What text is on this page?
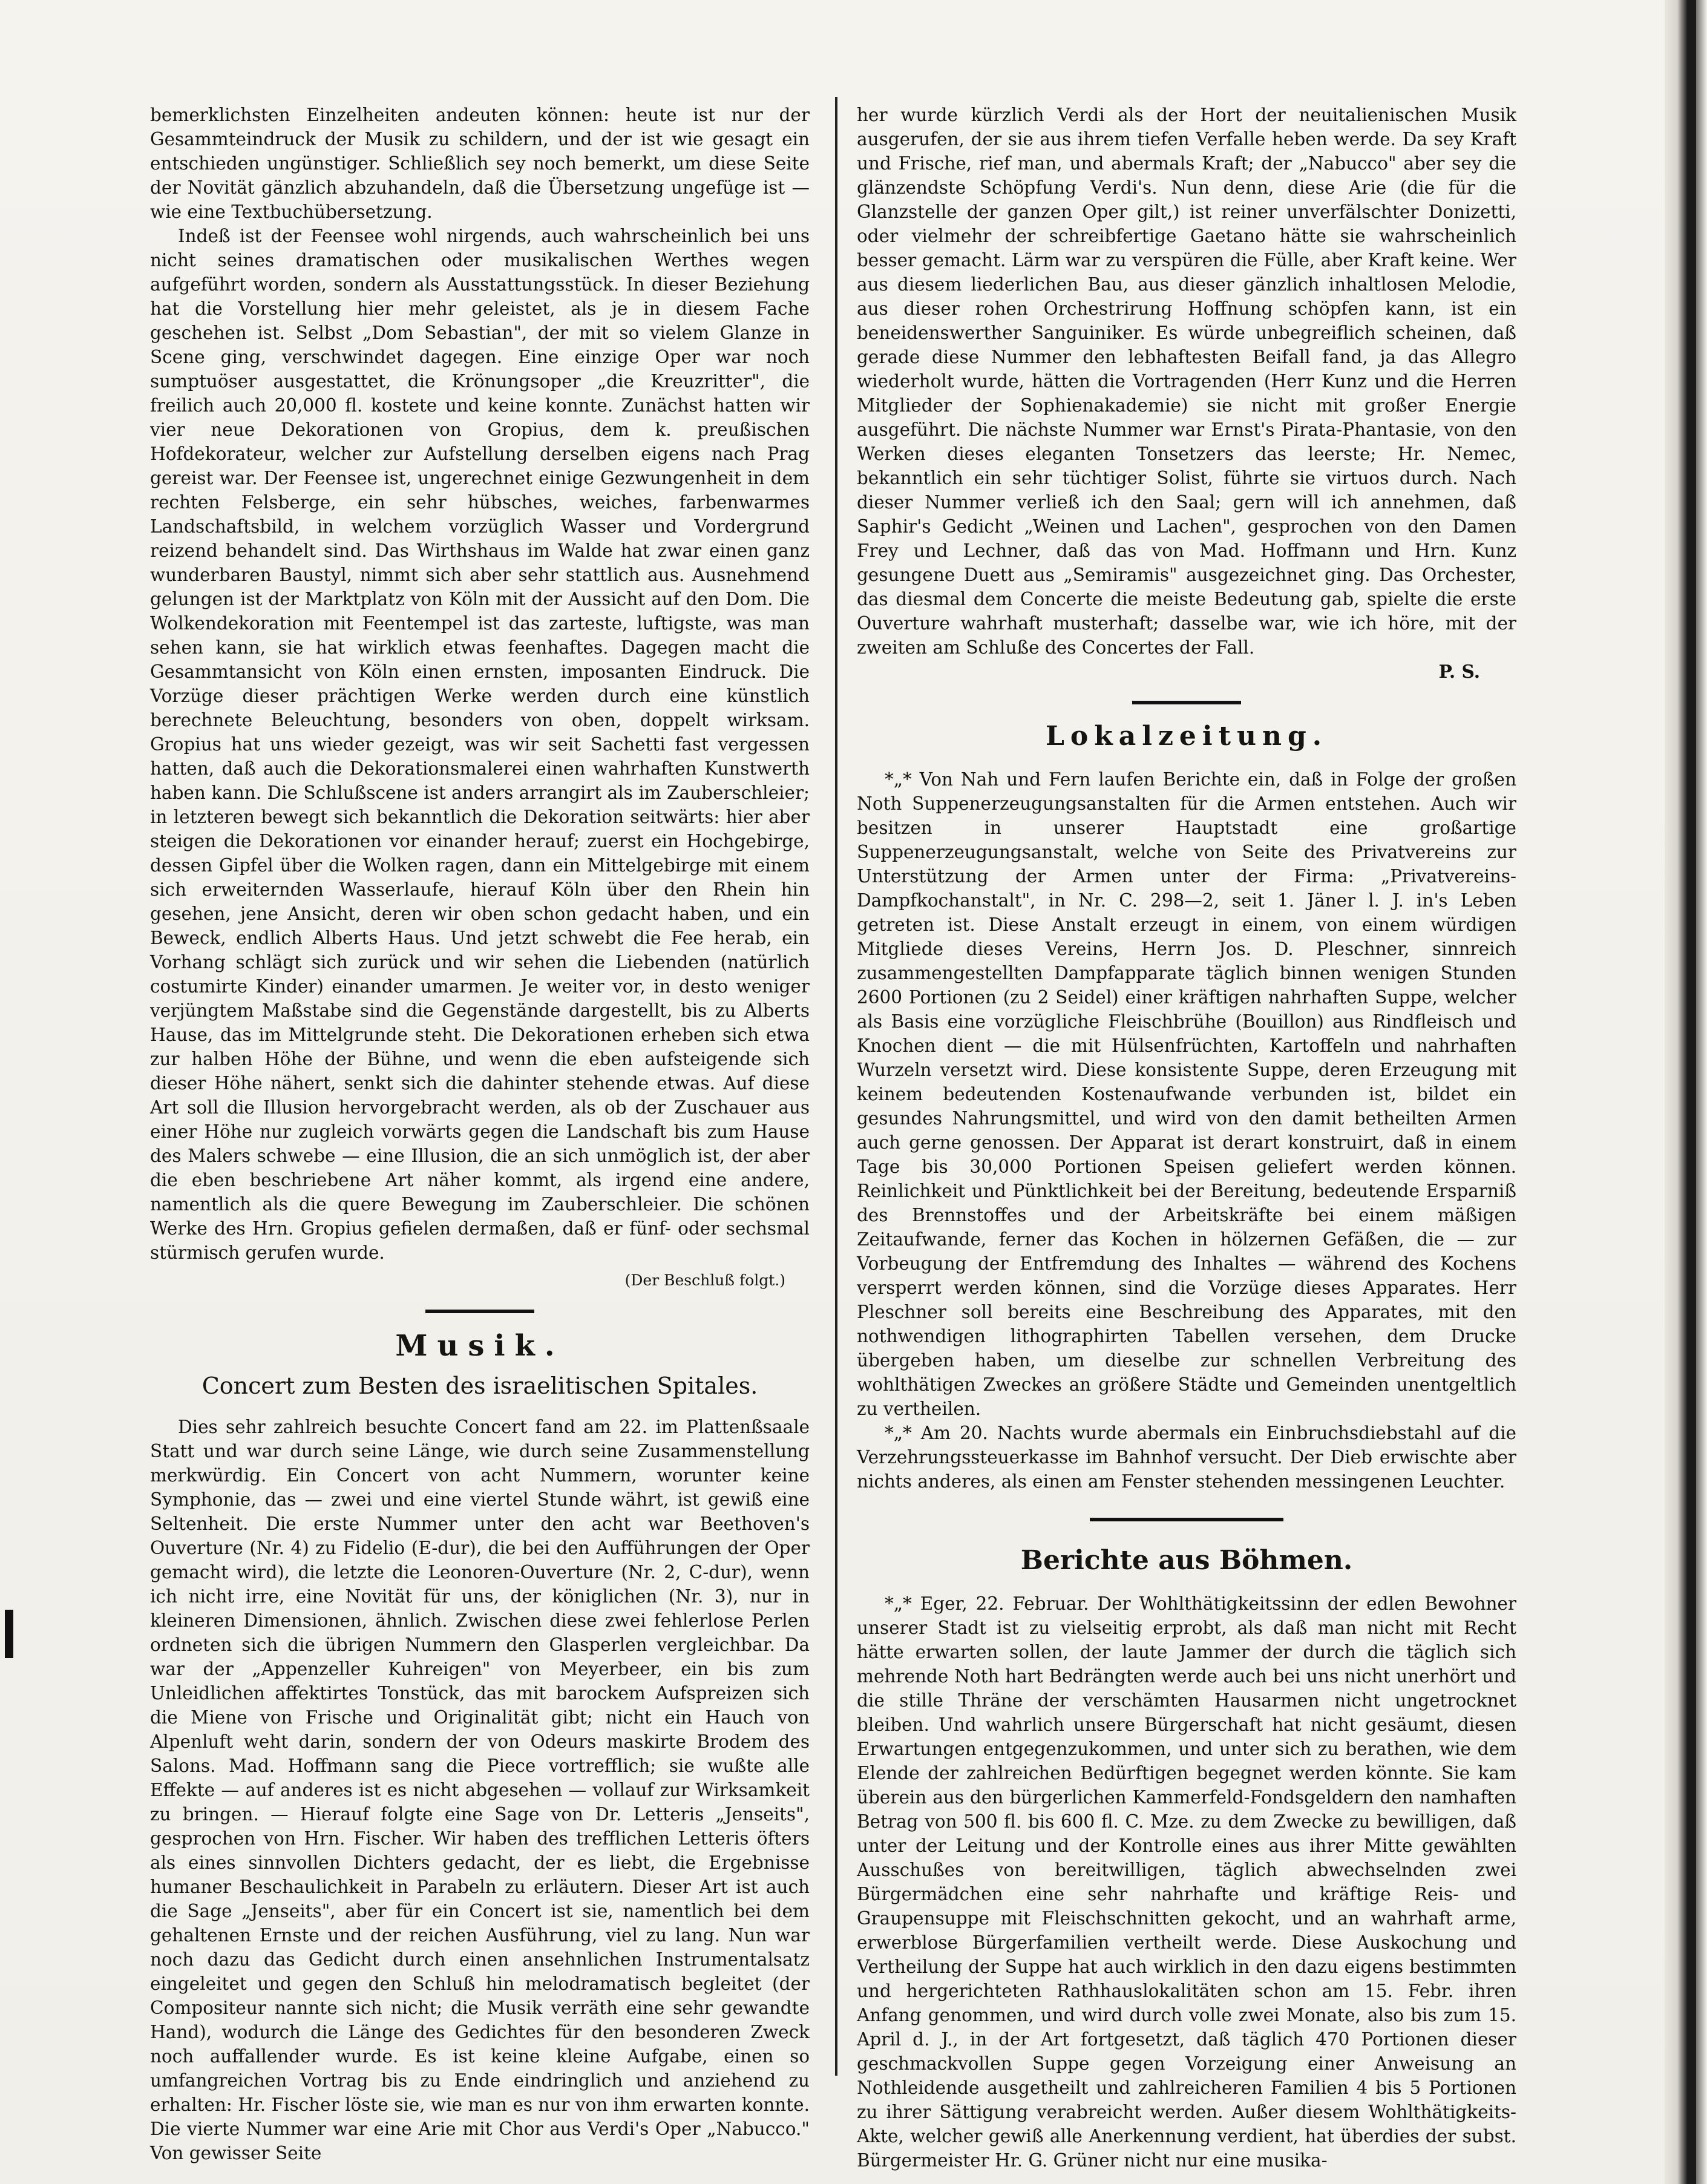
bemerklichsten Einzelheiten andeuten können: heute ist nur der Gesammteindruck der Musik zu schildern, und der ist wie gesagt ein entschieden ungünstiger. Schließlich sey noch bemerkt, um diese Seite der Novität gänzlich abzuhandeln, daß die Übersetzung ungefüge ist — wie eine Textbuchübersetzung.

Indeß ist der Feensee wohl nirgends, auch wahrscheinlich bei uns nicht seines dramatischen oder musikalischen Werthes wegen aufgeführt worden, sondern als Ausstattungsstück. In dieser Beziehung hat die Vorstellung hier mehr geleistet, als je in diesem Fache geschehen ist. Selbst „Dom Sebastian", der mit so vielem Glanze in Scene ging, verschwindet dagegen. Eine einzige Oper war noch sumptuöser ausgestattet, die Krönungsoper „die Kreuzritter", die freilich auch 20,000 fl. kostete und keine konnte. Zunächst hatten wir vier neue Dekorationen von Gropius, dem k. preußischen Hofdekorateur, welcher zur Aufstellung derselben eigens nach Prag gereist war. Der Feensee ist, ungerechnet einige Gezwungenheit in dem rechten Felsberge, ein sehr hübsches, weiches, farbenwarmes Landschaftsbild, in welchem vorzüglich Wasser und Vordergrund reizend behandelt sind. Das Wirthshaus im Walde hat zwar einen ganz wunderbaren Baustyl, nimmt sich aber sehr stattlich aus. Ausnehmend gelungen ist der Marktplatz von Köln mit der Aussicht auf den Dom. Die Wolkendekoration mit Feentempel ist das zarteste, luftigste, was man sehen kann, sie hat wirklich etwas feenhaftes. Dagegen macht die Gesammtansicht von Köln einen ernsten, imposanten Eindruck. Die Vorzüge dieser prächtigen Werke werden durch eine künstlich berechnete Beleuchtung, besonders von oben, doppelt wirksam. Gropius hat uns wieder gezeigt, was wir seit Sachetti fast vergessen hatten, daß auch die Dekorationsmalerei einen wahrhaften Kunstwerth haben kann. Die Schlußscene ist anders arrangirt als im Zauberschleier; in letzteren bewegt sich bekanntlich die Dekoration seitwärts: hier aber steigen die Dekorationen vor einander herauf; zuerst ein Hochgebirge, dessen Gipfel über die Wolken ragen, dann ein Mittelgebirge mit einem sich erweiternden Wasserlaufe, hierauf Köln über den Rhein hin gesehen, jene Ansicht, deren wir oben schon gedacht haben, und ein Beweck, endlich Alberts Haus. Und jetzt schwebt die Fee herab, ein Vorhang schlägt sich zurück und wir sehen die Liebenden (natürlich costumirte Kinder) einander umarmen. Je weiter vor, in desto weniger verjüngtem Maßstabe sind die Gegenstände dargestellt, bis zu Alberts Hause, das im Mittelgrunde steht. Die Dekorationen erheben sich etwa zur halben Höhe der Bühne, und wenn die eben aufsteigende sich dieser Höhe nähert, senkt sich die dahinter stehende etwas. Auf diese Art soll die Illusion hervorgebracht werden, als ob der Zuschauer aus einer Höhe nur zugleich vorwärts gegen die Landschaft bis zum Hause des Malers schwebe — eine Illusion, die an sich unmöglich ist, der aber die eben beschriebene Art näher kommt, als irgend eine andere, namentlich als die quere Bewegung im Zauberschleier. Die schönen Werke des Hrn. Gropius gefielen dermaßen, daß er fünf- oder sechsmal stürmisch gerufen wurde.

(Der Beschluß folgt.)
Musik.
Concert zum Besten des israelitischen Spitales.

Dies sehr zahlreich besuchte Concert fand am 22. im Plattenßsaale Statt und war durch seine Länge, wie durch seine Zusammenstellung merkwürdig. Ein Concert von acht Nummern, worunter keine Symphonie, das — zwei und eine viertel Stunde währt, ist gewiß eine Seltenheit. Die erste Nummer unter den acht war Beethoven's Ouverture (Nr. 4) zu Fidelio (E-dur), die bei den Aufführungen der Oper gemacht wird), die letzte die Leonoren-Ouverture (Nr. 2, C-dur), wenn ich nicht irre, eine Novität für uns, der königlichen (Nr. 3), nur in kleineren Dimensionen, ähnlich. Zwischen diese zwei fehlerlose Perlen ordneten sich die übrigen Nummern den Glasperlen vergleichbar. Da war der „Appenzeller Kuhreigen" von Meyerbeer, ein bis zum Unleidlichen affektirtes Tonstück, das mit barockem Aufspreizen sich die Miene von Frische und Originalität gibt; nicht ein Hauch von Alpenluft weht darin, sondern der von Odeurs maskirte Brodem des Salons. Mad. Hoffmann sang die Piece vortrefflich; sie wußte alle Effekte — auf anderes ist es nicht abgesehen — vollauf zur Wirksamkeit zu bringen. — Hierauf folgte eine Sage von Dr. Letteris „Jenseits", gesprochen von Hrn. Fischer. Wir haben des trefflichen Letteris öfters als eines sinnvollen Dichters gedacht, der es liebt, die Ergebnisse humaner Beschaulichkeit in Parabeln zu erläutern. Dieser Art ist auch die Sage „Jenseits", aber für ein Concert ist sie, namentlich bei dem gehaltenen Ernste und der reichen Ausführung, viel zu lang. Nun war noch dazu das Gedicht durch einen ansehnlichen Instrumentalsatz eingeleitet und gegen den Schluß hin melodramatisch begleitet (der Compositeur nannte sich nicht; die Musik verräth eine sehr gewandte Hand), wodurch die Länge des Gedichtes für den besonderen Zweck noch auffallender wurde. Es ist keine kleine Aufgabe, einen so umfangreichen Vortrag bis zu Ende eindringlich und anziehend zu erhalten: Hr. Fischer löste sie, wie man es nur von ihm erwarten konnte. Die vierte Nummer war eine Arie mit Chor aus Verdi's Oper „Nabucco." Von gewisser Seite

her wurde kürzlich Verdi als der Hort der neuitalienischen Musik ausgerufen, der sie aus ihrem tiefen Verfalle heben werde. Da sey Kraft und Frische, rief man, und abermals Kraft; der „Nabucco" aber sey die glänzendste Schöpfung Verdi's. Nun denn, diese Arie (die für die Glanzstelle der ganzen Oper gilt,) ist reiner unverfälschter Donizetti, oder vielmehr der schreibfertige Gaetano hätte sie wahrscheinlich besser gemacht. Lärm war zu verspüren die Fülle, aber Kraft keine. Wer aus diesem liederlichen Bau, aus dieser gänzlich inhaltlosen Melodie, aus dieser rohen Orchestrirung Hoffnung schöpfen kann, ist ein beneidenswerther Sanguiniker. Es würde unbegreiflich scheinen, daß gerade diese Nummer den lebhaftesten Beifall fand, ja das Allegro wiederholt wurde, hätten die Vortragenden (Herr Kunz und die Herren Mitglieder der Sophienakademie) sie nicht mit großer Energie ausgeführt. Die nächste Nummer war Ernst's Pirata-Phantasie, von den Werken dieses eleganten Tonsetzers das leerste; Hr. Nemec, bekanntlich ein sehr tüchtiger Solist, führte sie virtuos durch. Nach dieser Nummer verließ ich den Saal; gern will ich annehmen, daß Saphir's Gedicht „Weinen und Lachen", gesprochen von den Damen Frey und Lechner, daß das von Mad. Hoffmann und Hrn. Kunz gesungene Duett aus „Semiramis" ausgezeichnet ging. Das Orchester, das diesmal dem Concerte die meiste Bedeutung gab, spielte die erste Ouverture wahrhaft musterhaft; dasselbe war, wie ich höre, mit der zweiten am Schluße des Concertes der Fall.

P. S.
Lokalzeitung.

*„* Von Nah und Fern laufen Berichte ein, daß in Folge der großen Noth Suppenerzeugungsanstalten für die Armen entstehen. Auch wir besitzen in unserer Hauptstadt eine großartige Suppenerzeugungsanstalt, welche von Seite des Privatvereins zur Unterstützung der Armen unter der Firma: „Privatvereins-Dampfkochanstalt", in Nr. C. 298—2, seit 1. Jäner l. J. in's Leben getreten ist. Diese Anstalt erzeugt in einem, von einem würdigen Mitgliede dieses Vereins, Herrn Jos. D. Pleschner, sinnreich zusammengestellten Dampfapparate täglich binnen wenigen Stunden 2600 Portionen (zu 2 Seidel) einer kräftigen nahrhaften Suppe, welcher als Basis eine vorzügliche Fleischbrühe (Bouillon) aus Rindfleisch und Knochen dient — die mit Hülsenfrüchten, Kartoffeln und nahrhaften Wurzeln versetzt wird. Diese konsistente Suppe, deren Erzeugung mit keinem bedeutenden Kostenaufwande verbunden ist, bildet ein gesundes Nahrungsmittel, und wird von den damit betheilten Armen auch gerne genossen. Der Apparat ist derart konstruirt, daß in einem Tage bis 30,000 Portionen Speisen geliefert werden können. Reinlichkeit und Pünktlichkeit bei der Bereitung, bedeutende Ersparniß des Brennstoffes und der Arbeitskräfte bei einem mäßigen Zeitaufwande, ferner das Kochen in hölzernen Gefäßen, die — zur Vorbeugung der Entfremdung des Inhaltes — während des Kochens versperrt werden können, sind die Vorzüge dieses Apparates. Herr Pleschner soll bereits eine Beschreibung des Apparates, mit den nothwendigen lithographirten Tabellen versehen, dem Drucke übergeben haben, um dieselbe zur schnellen Verbreitung des wohlthätigen Zweckes an größere Städte und Gemeinden unentgeltlich zu vertheilen.

*„* Am 20. Nachts wurde abermals ein Einbruchsdiebstahl auf die Verzehrungssteuerkasse im Bahnhof versucht. Der Dieb erwischte aber nichts anderes, als einen am Fenster stehenden messingenen Leuchter.

Berichte aus Böhmen.

*„* Eger, 22. Februar. Der Wohlthätigkeitssinn der edlen Bewohner unserer Stadt ist zu vielseitig erprobt, als daß man nicht mit Recht hätte erwarten sollen, der laute Jammer der durch die täglich sich mehrende Noth hart Bedrängten werde auch bei uns nicht unerhört und die stille Thräne der verschämten Hausarmen nicht ungetrocknet bleiben. Und wahrlich unsere Bürgerschaft hat nicht gesäumt, diesen Erwartungen entgegenzukommen, und unter sich zu berathen, wie dem Elende der zahlreichen Bedürftigen begegnet werden könnte. Sie kam überein aus den bürgerlichen Kammerfeld-Fondsgeldern den namhaften Betrag von 500 fl. bis 600 fl. C. Mze. zu dem Zwecke zu bewilligen, daß unter der Leitung und der Kontrolle eines aus ihrer Mitte gewählten Ausschußes von bereitwilligen, täglich abwechselnden zwei Bürgermädchen eine sehr nahrhafte und kräftige Reis- und Graupensuppe mit Fleischschnitten gekocht, und an wahrhaft arme, erwerblose Bürgerfamilien vertheilt werde. Diese Auskochung und Vertheilung der Suppe hat auch wirklich in den dazu eigens bestimmten und hergerichteten Rathhauslokalitäten schon am 15. Febr. ihren Anfang genommen, und wird durch volle zwei Monate, also bis zum 15. April d. J., in der Art fortgesetzt, daß täglich 470 Portionen dieser geschmackvollen Suppe gegen Vorzeigung einer Anweisung an Nothleidende ausgetheilt und zahlreicheren Familien 4 bis 5 Portionen zu ihrer Sättigung verabreicht werden. Außer diesem Wohlthätigkeits-Akte, welcher gewiß alle Anerkennung verdient, hat überdies der subst. Bürgermeister Hr. G. Grüner nicht nur eine musika-
